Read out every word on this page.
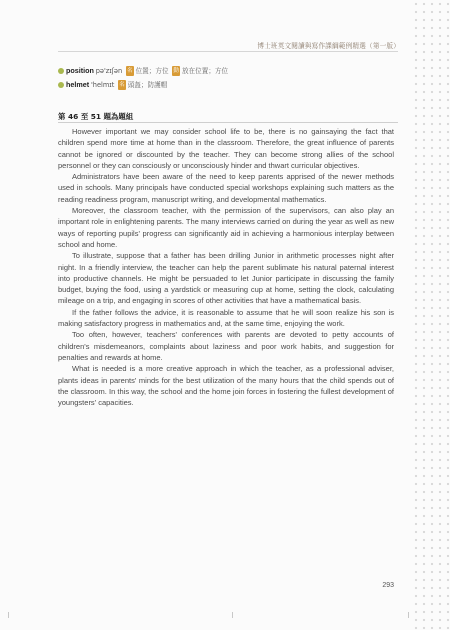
博士班英文閱讀與寫作課綱範例精選（第一版）
position pə'zɪʃən 名 位置；方位 動 放在位置；方位
helmet 'helmɪt 名 頭盔；防護帽
第 46 至 51 題為題組

However important we may consider school life to be, there is no gainsaying the fact that children spend more time at home than in the classroom. Therefore, the great influence of parents cannot be ignored or discounted by the teacher. They can become strong allies of the school personnel or they can consciously or unconsciously hinder and thwart curricular objectives.

Administrators have been aware of the need to keep parents apprised of the newer methods used in schools. Many principals have conducted special workshops explaining such matters as the reading readiness program, manuscript writing, and developmental mathematics.

Moreover, the classroom teacher, with the permission of the supervisors, can also play an important role in enlightening parents. The many interviews carried on during the year as well as new ways of reporting pupils' progress can significantly aid in achieving a harmonious interplay between school and home.

To illustrate, suppose that a father has been drilling Junior in arithmetic processes night after night. In a friendly interview, the teacher can help the parent sublimate his natural paternal interest into productive channels. He might be persuaded to let Junior participate in discussing the family budget, buying the food, using a yardstick or measuring cup at home, setting the clock, calculating mileage on a trip, and engaging in scores of other activities that have a mathematical basis.

If the father follows the advice, it is reasonable to assume that he will soon realize his son is making satisfactory progress in mathematics and, at the same time, enjoying the work.

Too often, however, teachers' conferences with parents are devoted to petty accounts of children's misdemeanors, complaints about laziness and poor work habits, and suggestion for penalties and rewards at home.

What is needed is a more creative approach in which the teacher, as a professional adviser, plants ideas in parents' minds for the best utilization of the many hours that the child spends out of the classroom. In this way, the school and the home join forces in fostering the fullest development of youngsters' capacities.

293
